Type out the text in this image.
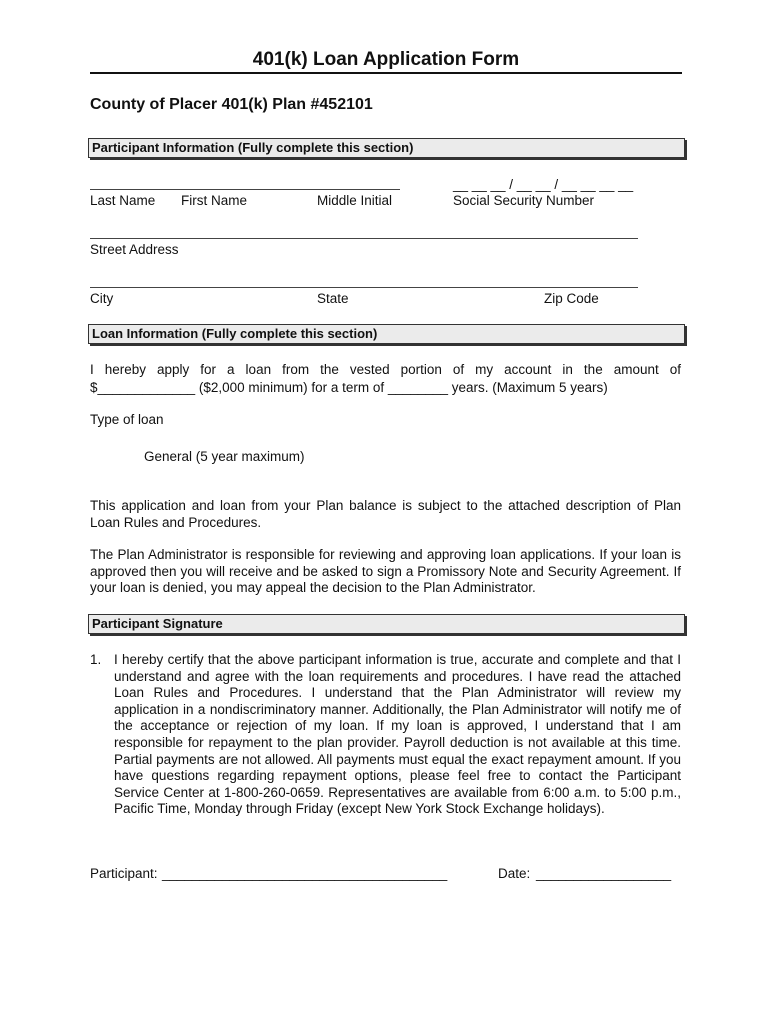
401(k) Loan Application Form
County of Placer 401(k) Plan #452101
Participant Information (Fully complete this section)
__ __ __ / __ __ / __ __ __ __
Last Name First Name	Middle Initial	Social Security Number
Street Address
City	State	Zip Code
Loan Information (Fully complete this section)
I hereby apply for a loan from the vested portion of my account in the amount of
$_____________ ($2,000 minimum) for a term of ________ years. (Maximum 5 years)
Type of loan
General (5 year maximum)
This application and loan from your Plan balance is subject to the attached description of Plan Loan Rules and Procedures.
The Plan Administrator is responsible for reviewing and approving loan applications. If your loan is approved then you will receive and be asked to sign a Promissory Note and Security Agreement. If your loan is denied, you may appeal the decision to the Plan Administrator.
Participant Signature
1. I hereby certify that the above participant information is true, accurate and complete and that I understand and agree with the loan requirements and procedures. I have read the attached Loan Rules and Procedures. I understand that the Plan Administrator will review my application in a nondiscriminatory manner. Additionally, the Plan Administrator will notify me of the acceptance or rejection of my loan. If my loan is approved, I understand that I am responsible for repayment to the plan provider. Payroll deduction is not available at this time. Partial payments are not allowed. All payments must equal the exact repayment amount. If you have questions regarding repayment options, please feel free to contact the Participant Service Center at 1-800-260-0659. Representatives are available from 6:00 a.m. to 5:00 p.m., Pacific Time, Monday through Friday (except New York Stock Exchange holidays).
Participant: ______________________________________	Date: __________________
